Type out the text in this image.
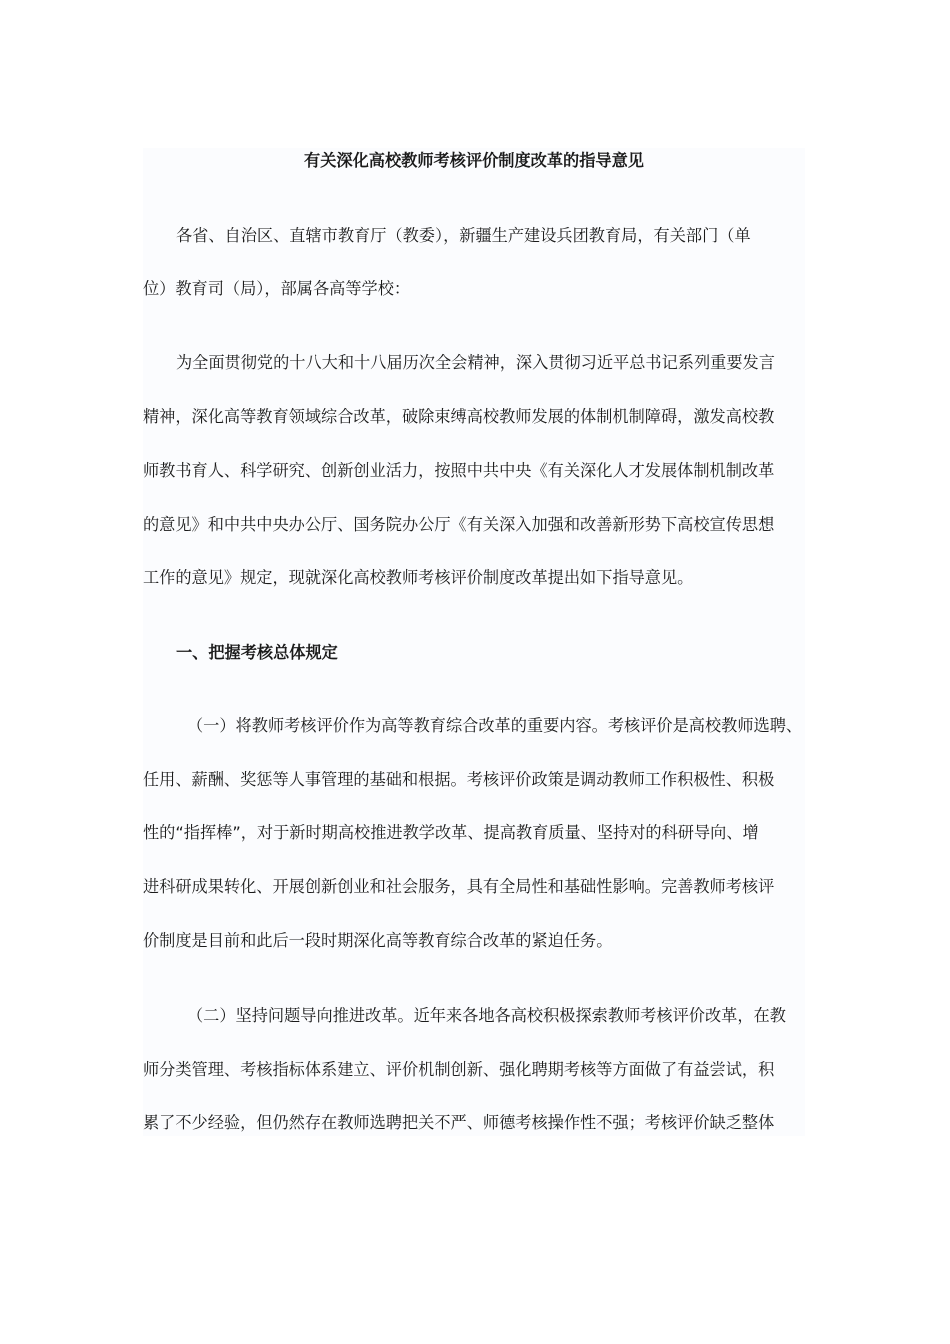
有关深化高校教师考核评价制度改革的指导意见
各省、自治区、直辖市教育厅（教委），新疆生产建设兵团教育局，有关部门（单
位）教育司（局），部属各高等学校：
为全面贯彻党的十八大和十八届历次全会精神，深入贯彻习近平总书记系列重要发言
精神，深化高等教育领域综合改革，破除束缚高校教师发展的体制机制障碍，激发高校教
师教书育人、科学研究、创新创业活力，按照中共中央《有关深化人才发展体制机制改革
的意见》和中共中央办公厅、国务院办公厅《有关深入加强和改善新形势下高校宣传思想
工作的意见》规定，现就深化高校教师考核评价制度改革提出如下指导意见。
一、把握考核总体规定
（一）将教师考核评价作为高等教育综合改革的重要内容。考核评价是高校教师选聘、
任用、薪酬、奖惩等人事管理的基础和根据。考核评价政策是调动教师工作积极性、积极
性的“指挥棒”，对于新时期高校推进教学改革、提高教育质量、坚持对的科研导向、增
进科研成果转化、开展创新创业和社会服务，具有全局性和基础性影响。完善教师考核评
价制度是目前和此后一段时期深化高等教育综合改革的紧迫任务。
（二）坚持问题导向推进改革。近年来各地各高校积极探索教师考核评价改革，在教
师分类管理、考核指标体系建立、评价机制创新、强化聘期考核等方面做了有益尝试，积
累了不少经验，但仍然存在教师选聘把关不严、师德考核操作性不强；考核评价缺乏整体
